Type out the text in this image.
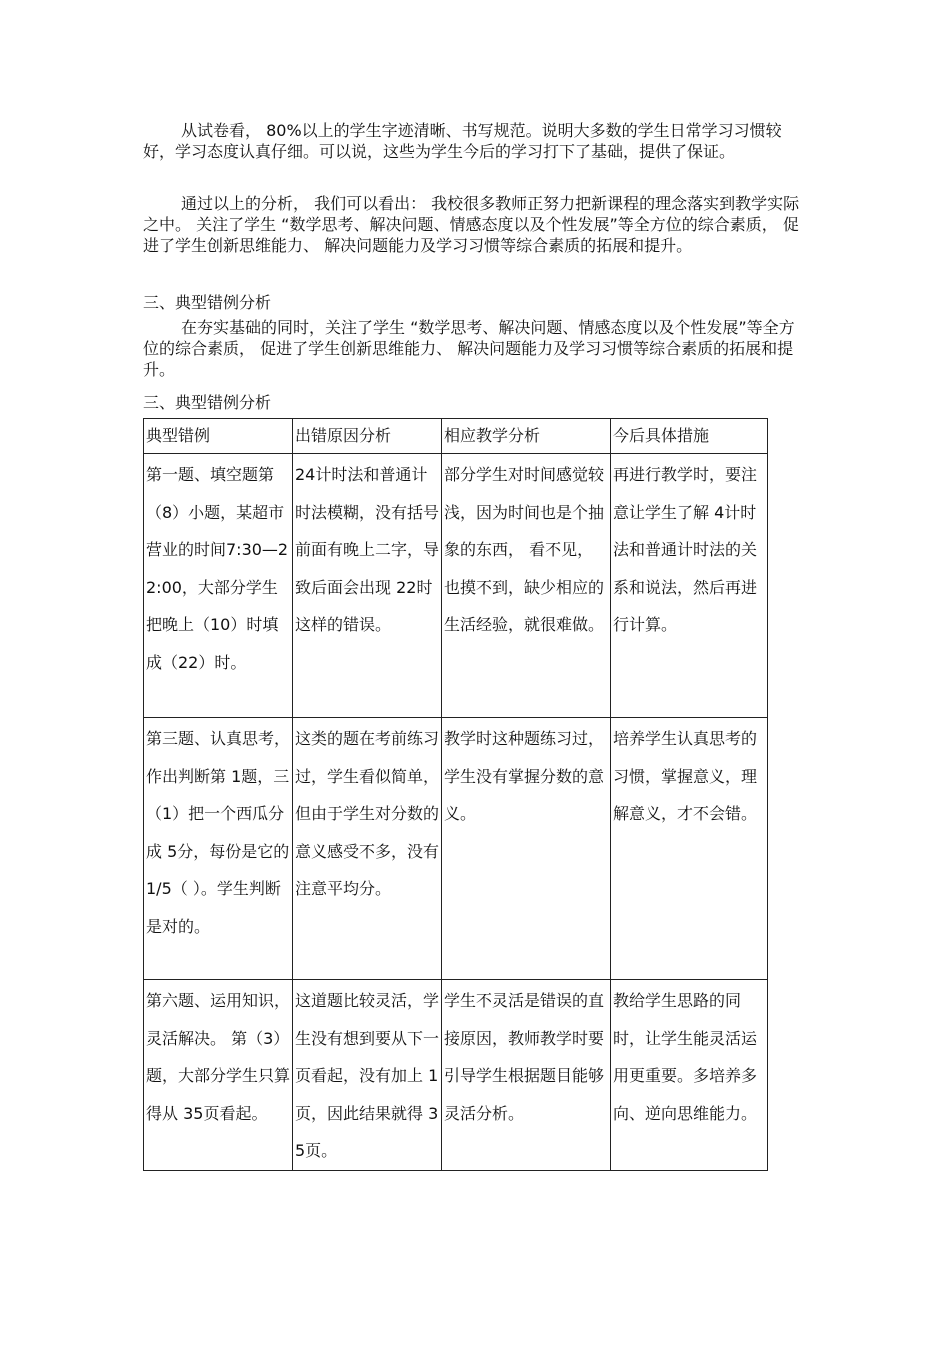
从试卷看， 80%以上的学生字迹清晰、书写规范。说明大多数的学生日常学习习惯较好，学习态度认真仔细。可以说，这些为学生今后的学习打下了基础，提供了保证。

通过以上的分析， 我们可以看出： 我校很多教师正努力把新课程的理念落实到教学实际之中。 关注了学生 “数学思考、解决问题、情感态度以及个性发展”等全方位的综合素质， 促进了学生创新思维能力、 解决问题能力及学习习惯等综合素质的拓展和提升。

三、典型错例分析

在夯实基础的同时，关注了学生 “数学思考、解决问题、情感态度以及个性发展”等全方位的综合素质， 促进了学生创新思维能力、 解决问题能力及学习习惯等综合素质的拓展和提升。

三、典型错例分析

典型错例	出错原因分析	相应教学分析	今后具体措施
第一题、填空题第（8）小题，某超市营业的时间7:30—22:00，大部分学生把晚上（10）时填成（22）时。	24计时法和普通计时法模糊，没有括号前面有晚上二字，导致后面会出现 22时这样的错误。	部分学生对时间感觉较浅，因为时间也是个抽象的东西， 看不见，也摸不到，缺少相应的生活经验，就很难做。	再进行教学时，要注意让学生了解 4计时法和普通计时法的关系和说法，然后再进行计算。
第三题、认真思考，作出判断第 1题，三（1）把一个西瓜分成 5分，每份是它的 1/5（ ）。学生判断是对的。	这类的题在考前练习过，学生看似简单，但由于学生对分数的意义感受不多，没有注意平均分。	教学时这种题练习过，学生没有掌握分数的意义。	培养学生认真思考的习惯，掌握意义，理解意义，才不会错。
第六题、运用知识，灵活解决。 第（3）题，大部分学生只算得从 35页看起。	这道题比较灵活，学生没有想到要从下一页看起，没有加上 1页，因此结果就得 35页。	学生不灵活是错误的直接原因，教师教学时要引导学生根据题目能够灵活分析。	教给学生思路的同时，让学生能灵活运用更重要。多培养多向、逆向思维能力。
